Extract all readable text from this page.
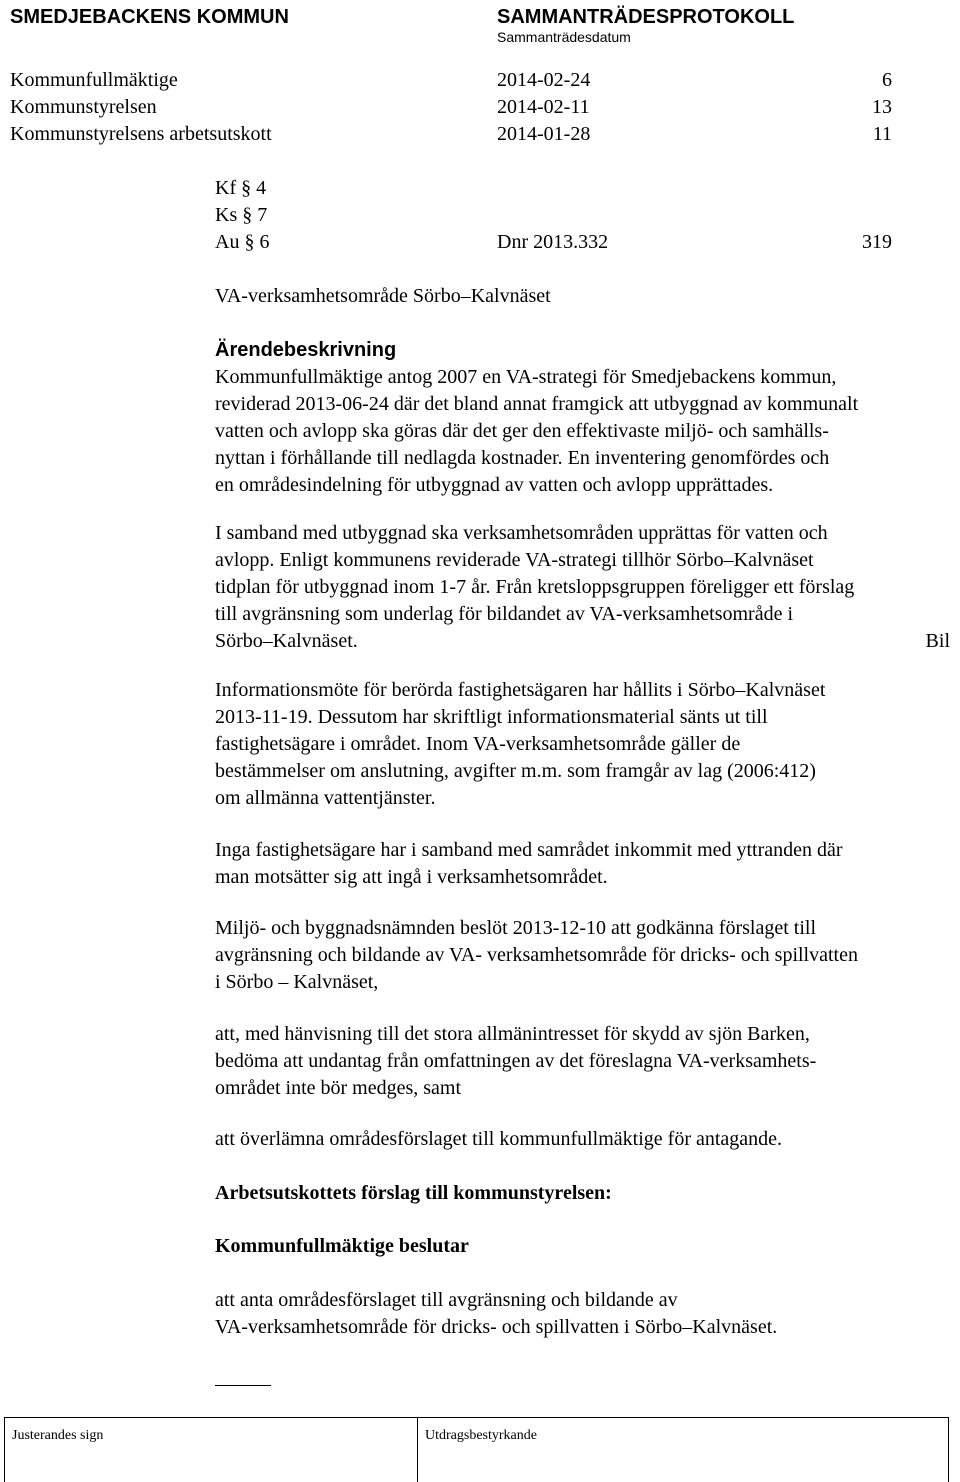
SMEDJEBACKENS KOMMUN	SAMMANTRÄDESPROTOKOLL
Sammanträdesdatum
Kommunfullmäktige	2014-02-24	6
Kommunstyrelsen	2014-02-11	13
Kommunstyrelsens arbetsutskott	2014-01-28	11
Kf § 4
Ks § 7
Au § 6	Dnr 2013.332	319
VA-verksamhetsområde Sörbo–Kalvnäset

Ärendebeskrivning

Kommunfullmäktige antog 2007 en VA-strategi för Smedjebackens kommun,

reviderad 2013-06-24 där det bland annat framgick att utbyggnad av kommunalt

vatten och avlopp ska göras där det ger den effektivaste miljö- och samhälls-

nyttan i förhållande till nedlagda kostnader. En inventering genomfördes och

en områdesindelning för utbyggnad av vatten och avlopp upprättades.

I samband med utbyggnad ska verksamhetsområden upprättas för vatten och

avlopp. Enligt kommunens reviderade VA-strategi tillhör Sörbo–Kalvnäset

tidplan för utbyggnad inom 1-7 år. Från kretsloppsgruppen föreligger ett förslag

till avgränsning som underlag för bildandet av VA-verksamhetsområde i

Sörbo–Kalvnäset.	Bil

Informationsmöte för berörda fastighetsägaren har hållits i Sörbo–Kalvnäset

2013-11-19. Dessutom har skriftligt informationsmaterial sänts ut till

fastighetsägare i området. Inom VA-verksamhetsområde gäller de

bestämmelser om anslutning, avgifter m.m. som framgår av lag (2006:412)

om allmänna vattentjänster.

Inga fastighetsägare har i samband med samrådet inkommit med yttranden där

man motsätter sig att ingå i verksamhetsområdet.

Miljö- och byggnadsnämnden beslöt 2013-12-10 att godkänna förslaget till

avgränsning och bildande av VA- verksamhetsområde för dricks- och spillvatten

i Sörbo – Kalvnäset,

att, med hänvisning till det stora allmänintresset för skydd av sjön Barken,

bedöma att undantag från omfattningen av det föreslagna VA-verksamhets-

området inte bör medges, samt

att överlämna områdesförslaget till kommunfullmäktige för antagande.

Arbetsutskottets förslag till kommunstyrelsen:

Kommunfullmäktige beslutar

att anta områdesförslaget till avgränsning och bildande av

VA-verksamhetsområde för dricks- och spillvatten i Sörbo–Kalvnäset.

Justerandes sign	Utdragsbestyrkande
